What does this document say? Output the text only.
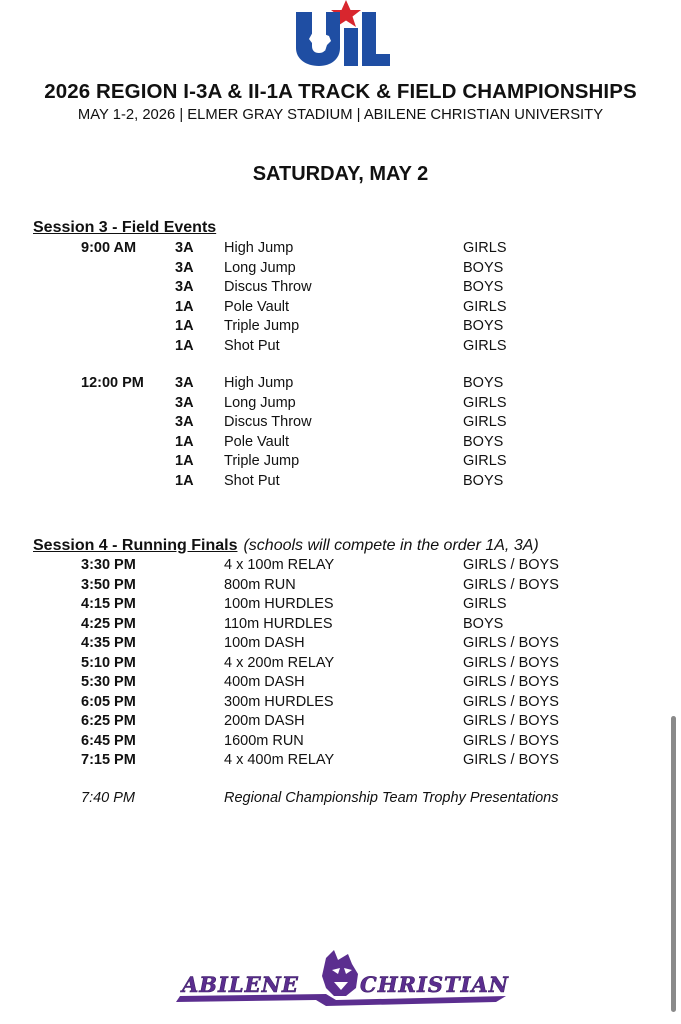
2026 REGION I-3A & II-1A TRACK & FIELD CHAMPIONSHIPS
MAY 1-2, 2026 | ELMER GRAY STADIUM | ABILENE CHRISTIAN UNIVERSITY
SATURDAY, MAY 2
Session 3 - Field Events
9:00 AM	3A High Jump	GIRLS
3A Long Jump	BOYS
3A Discus Throw	BOYS
1A Pole Vault	GIRLS
1A Triple Jump	BOYS
1A Shot Put	GIRLS
12:00 PM 3A High Jump	BOYS
3A Long Jump	GIRLS
3A Discus Throw	GIRLS
1A Pole Vault	BOYS
1A Triple Jump	GIRLS
1A Shot Put	BOYS
Session 4 - Running Finals (schools will compete in the order 1A, 3A)
3:30 PM	4 x 100m RELAY	GIRLS / BOYS
3:50 PM	800m RUN	GIRLS / BOYS
4:15 PM	100m HURDLES	GIRLS
4:25 PM	110m HURDLES	BOYS
4:35 PM	100m DASH	GIRLS / BOYS
5:10 PM	4 x 200m RELAY	GIRLS / BOYS
5:30 PM	400m DASH	GIRLS / BOYS
6:05 PM	300m HURDLES	GIRLS / BOYS
6:25 PM	200m DASH	GIRLS / BOYS
6:45 PM	1600m RUN	GIRLS / BOYS
7:15 PM	4 x 400m RELAY	GIRLS / BOYS
7:40 PM	Regional Championship Team Trophy Presentations
ABILENE	CHRISTIAN
